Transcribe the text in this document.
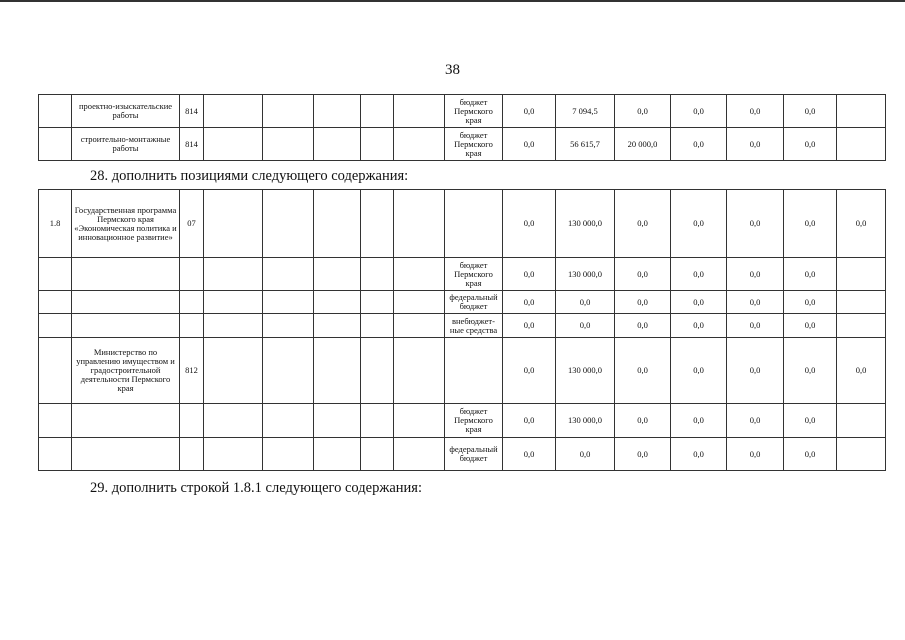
38
	проектно-изыскательские работы	814						бюджет Пермского края	0,0	7 094,5	0,0	0,0	0,0	0,0	
	строительно-монтажные работы	814						бюджет Пермского края	0,0	56 615,7	20 000,0	0,0	0,0	0,0	
28. дополнить позициями следующего содержания:
1.8	Государственная программа Пермского края «Экономическая политика и инновационное развитие»	07							0,0	130 000,0	0,0	0,0	0,0	0,0	0,0
								бюджет Пермского края	0,0	130 000,0	0,0	0,0	0,0	0,0	
								федеральный бюджет	0,0	0,0	0,0	0,0	0,0	0,0	
								внебюджет-ные средства	0,0	0,0	0,0	0,0	0,0	0,0	
	Министерство по управлению имуществом и градостроительной деятельности Пермского края	812							0,0	130 000,0	0,0	0,0	0,0	0,0	0,0
								бюджет Пермского края	0,0	130 000,0	0,0	0,0	0,0	0,0	
								федеральный бюджет	0,0	0,0	0,0	0,0	0,0	0,0	
29. дополнить строкой 1.8.1 следующего содержания:
